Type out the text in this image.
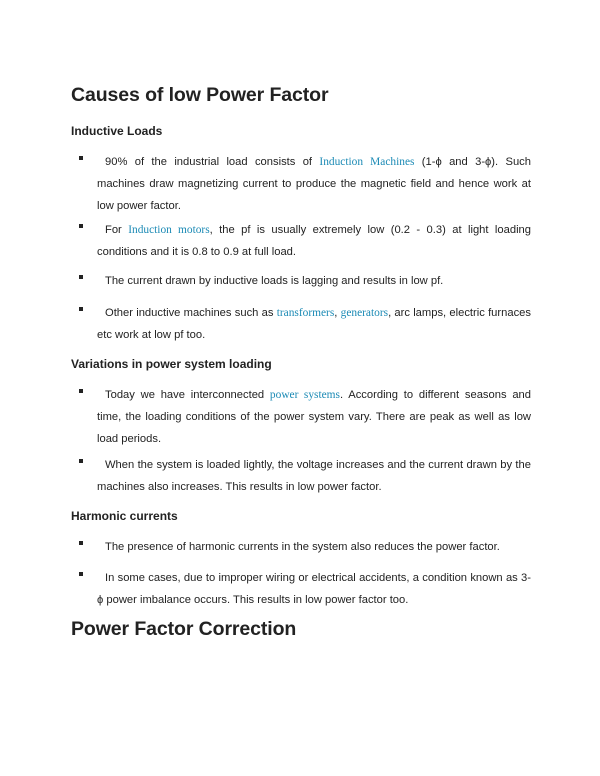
Causes of low Power Factor
Inductive Loads
90% of the industrial load consists of Induction Machines (1-ϕ and 3-ϕ). Such machines draw magnetizing current to produce the magnetic field and hence work at low power factor.
For Induction motors, the pf is usually extremely low (0.2 - 0.3) at light loading conditions and it is 0.8 to 0.9 at full load.
The current drawn by inductive loads is lagging and results in low pf.
Other inductive machines such as transformers, generators, arc lamps, electric furnaces etc work at low pf too.
Variations in power system loading
Today we have interconnected power systems. According to different seasons and time, the loading conditions of the power system vary. There are peak as well as low load periods.
When the system is loaded lightly, the voltage increases and the current drawn by the machines also increases. This results in low power factor.
Harmonic currents
The presence of harmonic currents in the system also reduces the power factor.
In some cases, due to improper wiring or electrical accidents, a condition known as 3-ϕ power imbalance occurs. This results in low power factor too.
Power Factor Correction
